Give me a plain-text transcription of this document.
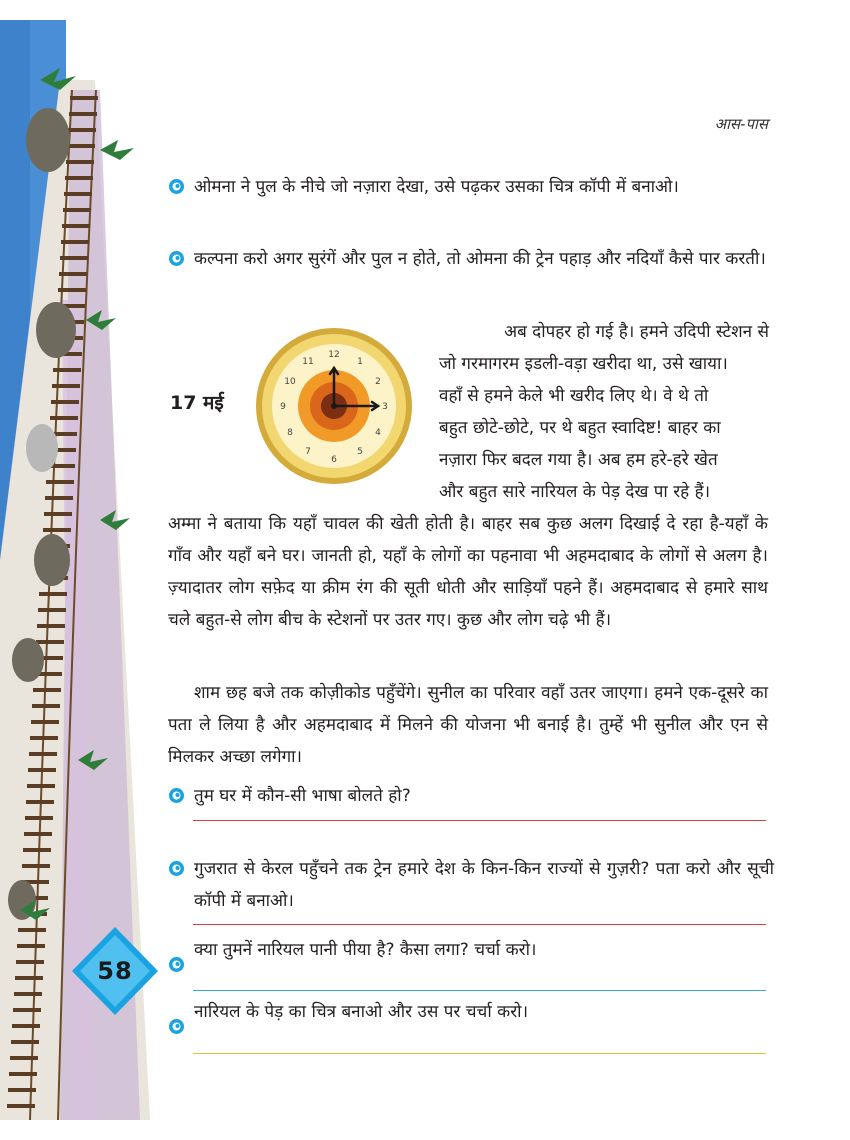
आस-पास
ओमना ने पुल के नीचे जो नज़ारा देखा, उसे पढ़कर उसका चित्र कॉपी में बनाओ।
कल्पना करो अगर सुरंगें और पुल न होते, तो ओमना की ट्रेन पहाड़ और नदियाँ कैसे पार करती।
17 मई
12
1
2
3
4
5
6
7
8
9
10
11
अब दोपहर हो गई है। हमने उदिपी स्टेशन से
जो गरमागरम इडली-वड़ा खरीदा था, उसे खाया।
वहाँ से हमने केले भी खरीद लिए थे। वे थे तो
बहुत छोटे-छोटे, पर थे बहुत स्वादिष्ट! बाहर का
नज़ारा फिर बदल गया है। अब हम हरे-हरे खेत
और बहुत सारे नारियल के पेड़ देख पा रहे हैं।
अम्मा ने बताया कि यहाँ चावल की खेती होती है। बाहर सब कुछ अलग दिखाई दे रहा है-यहाँ के गाँव और यहाँ बने घर। जानती हो, यहाँ के लोगों का पहनावा भी अहमदाबाद के लोगों से अलग है। ज़्यादातर लोग सफ़ेद या क्रीम रंग की सूती धोती और साड़ियाँ पहने हैं। अहमदाबाद से हमारे साथ चले बहुत-से लोग बीच के स्टेशनों पर उतर गए। कुछ और लोग चढ़े भी हैं।
शाम छह बजे तक कोज़ीकोड पहुँचेंगे। सुनील का परिवार वहाँ उतर जाएगा। हमने एक-दूसरे का पता ले लिया है और अहमदाबाद में मिलने की योजना भी बनाई है। तुम्हें भी सुनील और एन से मिलकर अच्छा लगेगा।
तुम घर में कौन-सी भाषा बोलते हो?
गुजरात से केरल पहुँचने तक ट्रेन हमारे देश के किन-किन राज्यों से गुज़री? पता करो और सूची कॉपी में बनाओ।
क्या तुमनें नारियल पानी पीया है? कैसा लगा? चर्चा करो।
नारियल के पेड़ का चित्र बनाओ और उस पर चर्चा करो।
58
